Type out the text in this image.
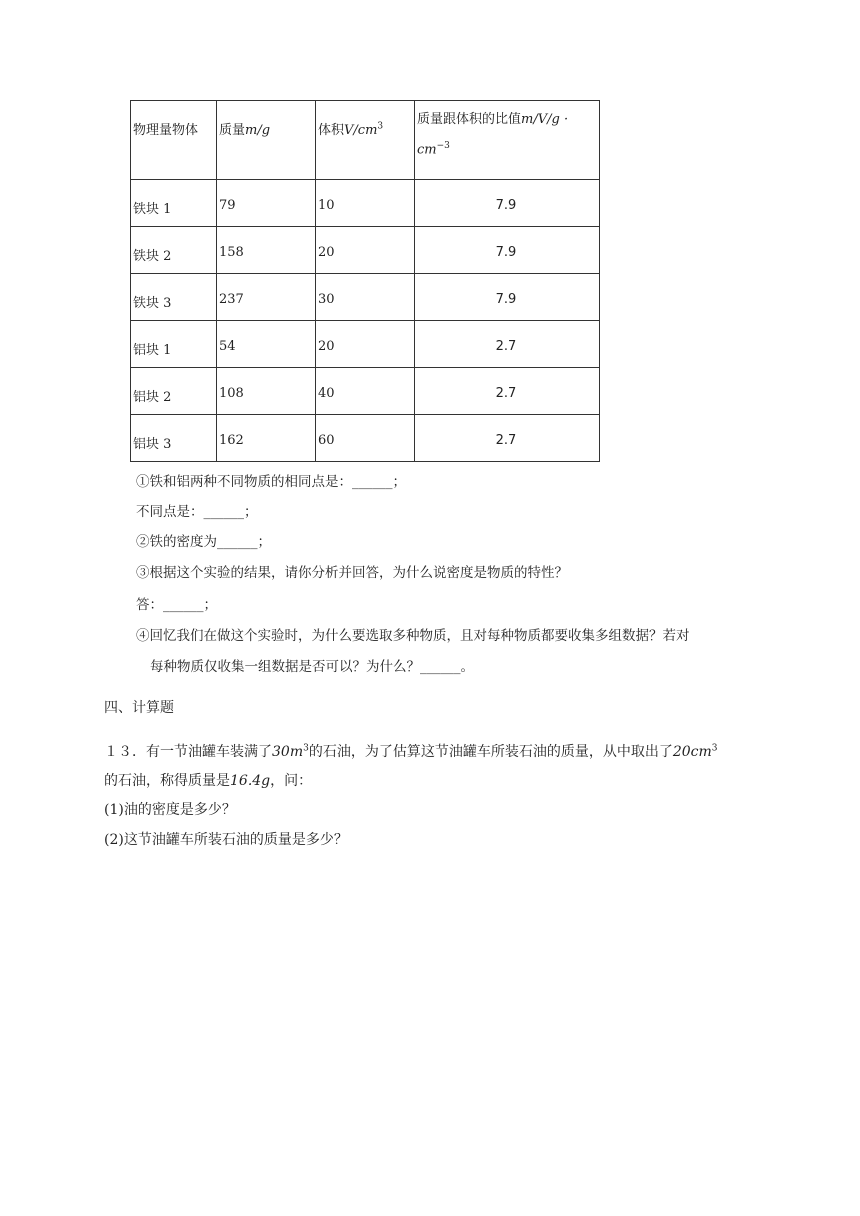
物理量物体	质量m/g	体积$V/cm^3$	质量跟体积的比值m/V/g ·
$cm^{-3}$

铁块 1	79	10	7.9

铁块 2	158	20	7.9

铁块 3	237	30	7.9

铝块 1	54	20	2.7

铝块 2	108	40	2.7

铝块 3	162	60	2.7
①铁和铝两种不同物质的相同点是：______；
不同点是：______；
②铁的密度为______；
③根据这个实验的结果，请你分析并回答，为什么说密度是物质的特性？
答：______；
④回忆我们在做这个实验时，为什么要选取多种物质，且对每种物质都要收集多组数据？若对
每种物质仅收集一组数据是否可以？为什么？______。
四、计算题
１３．有一节油罐车装满了$30m^3$的石油，为了估算这节油罐车所装石油的质量，从中取出了$20cm^3$
的石油，称得质量是16.4g，问：
(1)油的密度是多少？
(2)这节油罐车所装石油的质量是多少？
